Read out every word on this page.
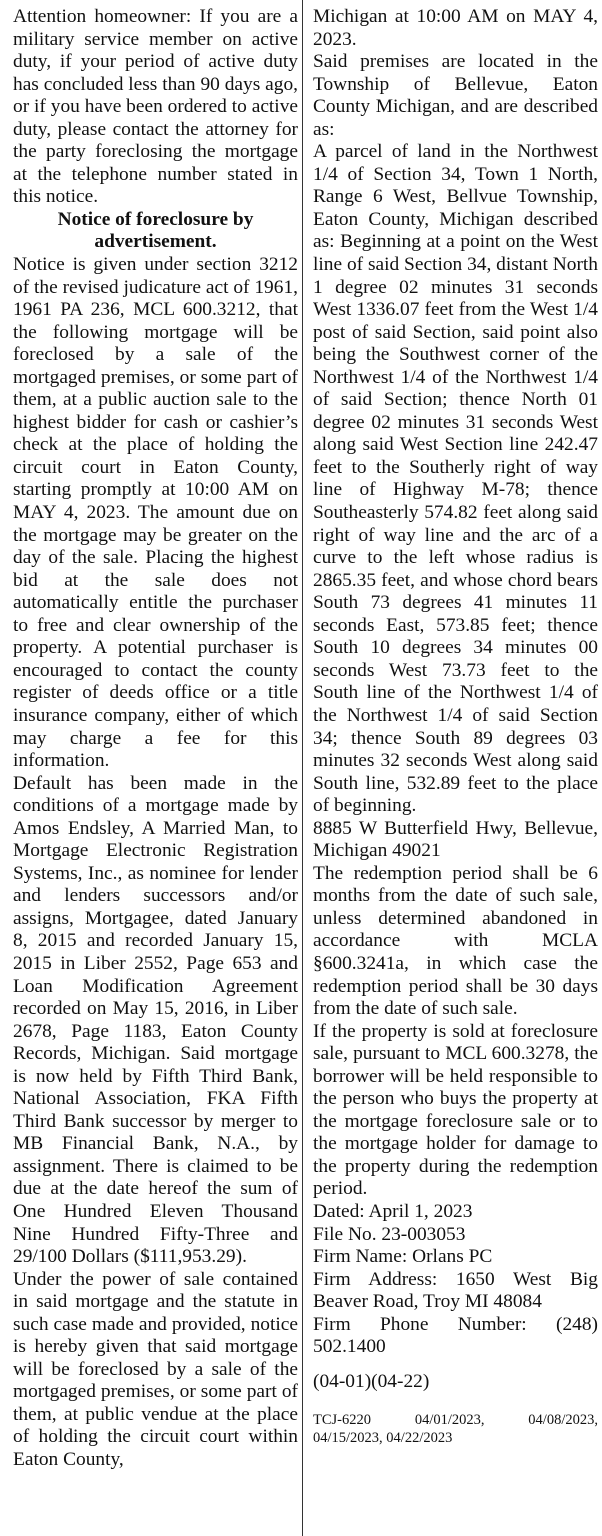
Attention homeowner: If you are a military service member on active duty, if your period of active duty has concluded less than 90 days ago, or if you have been ordered to active duty, please contact the attorney for the party foreclosing the mortgage at the telephone number stated in this notice.

Notice of foreclosure by advertisement.

Notice is given under section 3212 of the revised judicature act of 1961, 1961 PA 236, MCL 600.3212, that the following mortgage will be foreclosed by a sale of the mortgaged premises, or some part of them, at a public auction sale to the highest bidder for cash or cashier’s check at the place of holding the circuit court in Eaton County, starting promptly at 10:00 AM on MAY 4, 2023. The amount due on the mortgage may be greater on the day of the sale. Placing the highest bid at the sale does not automatically entitle the purchaser to free and clear ownership of the property. A potential purchaser is encouraged to contact the county register of deeds office or a title insurance company, either of which may charge a fee for this information.

Default has been made in the conditions of a mortgage made by Amos Endsley, A Married Man, to Mortgage Electronic Registration Systems, Inc., as nominee for lender and lenders successors and/or assigns, Mortgagee, dated January 8, 2015 and recorded January 15, 2015 in Liber 2552, Page 653 and Loan Modification Agreement recorded on May 15, 2016, in Liber 2678, Page 1183, Eaton County Records, Michigan. Said mortgage is now held by Fifth Third Bank, National Association, FKA Fifth Third Bank successor by merger to MB Financial Bank, N.A., by assignment. There is claimed to be due at the date hereof the sum of One Hundred Eleven Thousand Nine Hundred Fifty-Three and 29/100 Dollars ($111,953.29).

Under the power of sale contained in said mortgage and the statute in such case made and provided, notice is hereby given that said mortgage will be foreclosed by a sale of the mortgaged premises, or some part of them, at public vendue at the place of holding the circuit court within Eaton County,

Michigan at 10:00 AM on MAY 4, 2023.

Said premises are located in the Township of Bellevue, Eaton County Michigan, and are described as:

A parcel of land in the Northwest 1/4 of Section 34, Town 1 North, Range 6 West, Bellvue Township, Eaton County, Michigan described as: Beginning at a point on the West line of said Section 34, distant North 1 degree 02 minutes 31 seconds West 1336.07 feet from the West 1/4 post of said Section, said point also being the Southwest corner of the Northwest 1/4 of the Northwest 1/4 of said Section; thence North 01 degree 02 minutes 31 seconds West along said West Section line 242.47 feet to the Southerly right of way line of Highway M-78; thence Southeasterly 574.82 feet along said right of way line and the arc of a curve to the left whose radius is 2865.35 feet, and whose chord bears South 73 degrees 41 minutes 11 seconds East, 573.85 feet; thence South 10 degrees 34 minutes 00 seconds West 73.73 feet to the South line of the Northwest 1/4 of the Northwest 1/4 of said Section 34; thence South 89 degrees 03 minutes 32 seconds West along said South line, 532.89 feet to the place of beginning.

8885 W Butterfield Hwy, Bellevue, Michigan 49021

The redemption period shall be 6 months from the date of such sale, unless determined abandoned in accordance with MCLA §600.3241a, in which case the redemption period shall be 30 days from the date of such sale.

If the property is sold at foreclosure sale, pursuant to MCL 600.3278, the borrower will be held responsible to the person who buys the property at the mortgage foreclosure sale or to the mortgage holder for damage to the property during the redemption period.

Dated: April 1, 2023

File No. 23-003053

Firm Name: Orlans PC

Firm Address: 1650 West Big Beaver Road, Troy MI 48084

Firm Phone Number: (248) 502.1400

(04-01)(04-22)

TCJ-6220 04/01/2023, 04/08/2023,

04/15/2023, 04/22/2023
